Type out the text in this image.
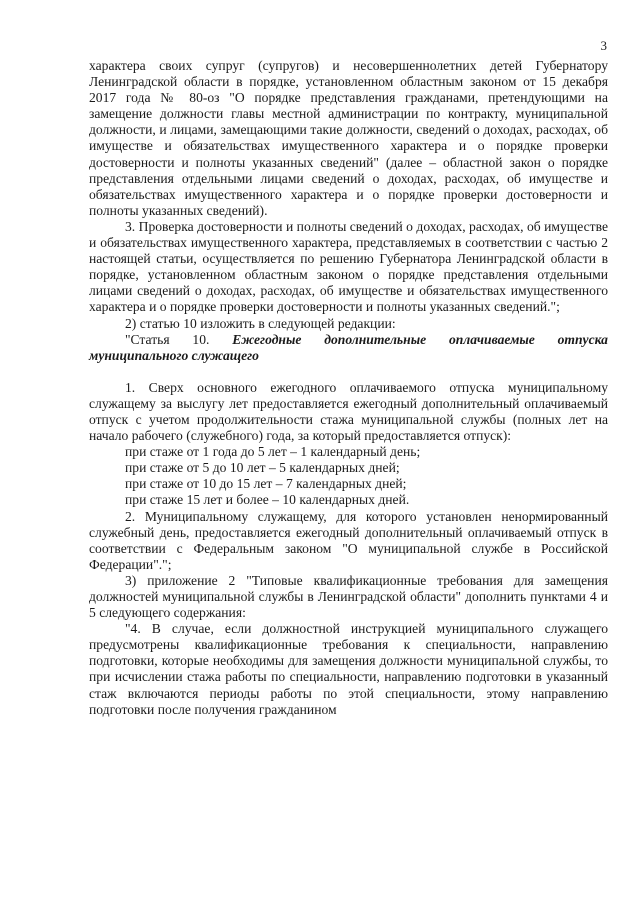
3

характера своих супруг (супругов) и несовершеннолетних детей Губернатору Ленинградской области в порядке, установленном областным законом от 15 декабря 2017 года № 80-оз "О порядке представления гражданами, претендующими на замещение должности главы местной администрации по контракту, муниципальной должности, и лицами, замещающими такие должности, сведений о доходах, расходах, об имуществе и обязательствах имущественного характера и о порядке проверки достоверности и полноты указанных сведений" (далее – областной закон о порядке представления отдельными лицами сведений о доходах, расходах, об имуществе и обязательствах имущественного характера и о порядке проверки достоверности и полноты указанных сведений).

3. Проверка достоверности и полноты сведений о доходах, расходах, об имуществе и обязательствах имущественного характера, представляемых в соответствии с частью 2 настоящей статьи, осуществляется по решению Губернатора Ленинградской области в порядке, установленном областным законом о порядке представления отдельными лицами сведений о доходах, расходах, об имуществе и обязательствах имущественного характера и о порядке проверки достоверности и полноты указанных сведений.";

2) статью 10 изложить в следующей редакции:

"Статья 10. Ежегодные дополнительные оплачиваемые отпуска муниципального служащего

1. Сверх основного ежегодного оплачиваемого отпуска муниципальному служащему за выслугу лет предоставляется ежегодный дополнительный оплачиваемый отпуск с учетом продолжительности стажа муниципальной службы (полных лет на начало рабочего (служебного) года, за который предоставляется отпуск):

при стаже от 1 года до 5 лет – 1 календарный день;

при стаже от 5 до 10 лет – 5 календарных дней;

при стаже от 10 до 15 лет – 7 календарных дней;

при стаже 15 лет и более – 10 календарных дней.

2. Муниципальному служащему, для которого установлен ненормированный служебный день, предоставляется ежегодный дополнительный оплачиваемый отпуск в соответствии с Федеральным законом "О муниципальной службе в Российской Федерации".";

3) приложение 2 "Типовые квалификационные требования для замещения должностей муниципальной службы в Ленинградской области" дополнить пунктами 4 и 5 следующего содержания:

"4. В случае, если должностной инструкцией муниципального служащего предусмотрены квалификационные требования к специальности, направлению подготовки, которые необходимы для замещения должности муниципальной службы, то при исчислении стажа работы по специальности, направлению подготовки в указанный стаж включаются периоды работы по этой специальности, этому направлению подготовки после получения гражданином
